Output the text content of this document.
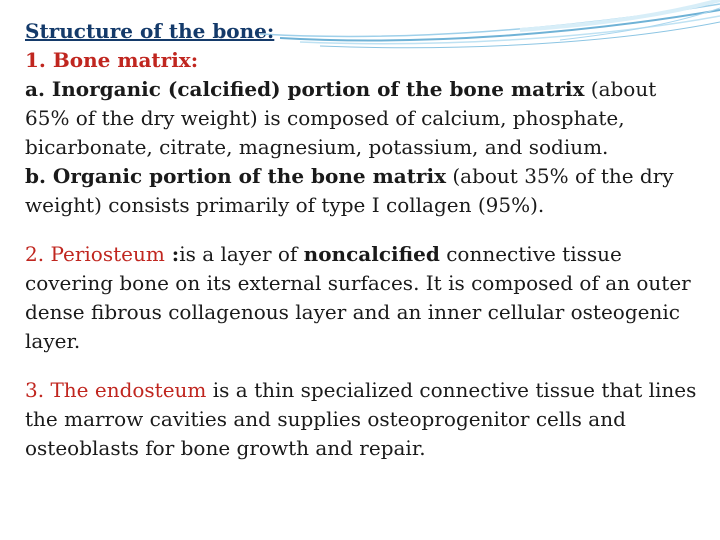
Structure of the bone:

1. Bone matrix:

a. Inorganic (calcified) portion of the bone matrix (about 65% of the dry weight) is composed of calcium, phosphate, bicarbonate, citrate, magnesium, potassium, and sodium.

b. Organic portion of the bone matrix (about 35% of the dry weight) consists primarily of type I collagen (95%).

2. Periosteum :is a layer of noncalcified connective tissue covering bone on its external surfaces. It is composed of an outer dense fibrous collagenous layer and an inner cellular osteogenic layer.

3. The endosteum is a thin specialized connective tissue that lines the marrow cavities and supplies osteoprogenitor cells and osteoblasts for bone growth and repair.
